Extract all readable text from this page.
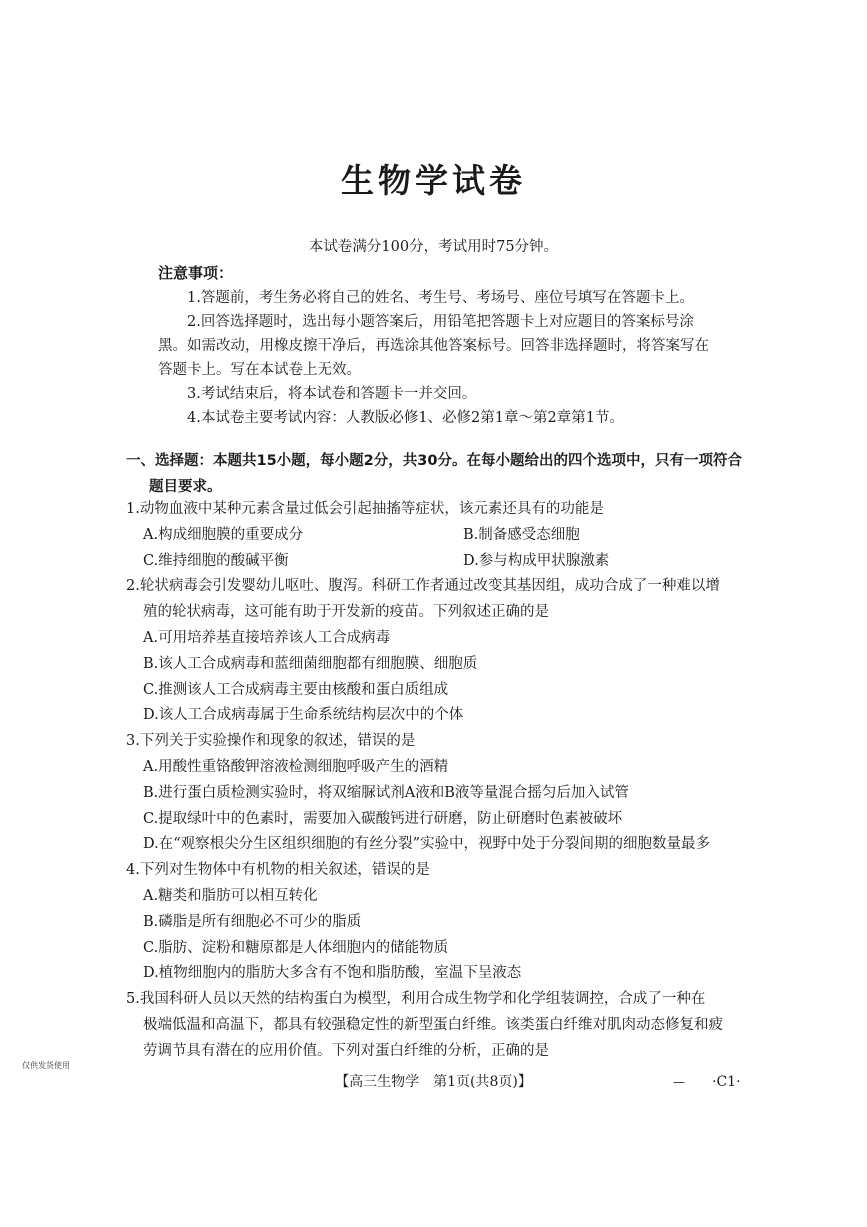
生物学试卷
本试卷满分100分，考试用时75分钟。
注意事项：

1.答题前，考生务必将自己的姓名、考生号、考场号、座位号填写在答题卡上。

2.回答选择题时，选出每小题答案后，用铅笔把答题卡上对应题目的答案标号涂

黑。如需改动，用橡皮擦干净后，再选涂其他答案标号。回答非选择题时，将答案写在

答题卡上。写在本试卷上无效。

3.考试结束后，将本试卷和答题卡一并交回。

4.本试卷主要考试内容：人教版必修1、必修2第1章～第2章第1节。

一、选择题：本题共15小题，每小题2分，共30分。在每小题给出的四个选项中，只有一项符合
题目要求。
1.动物血液中某种元素含量过低会引起抽搐等症状，该元素还具有的功能是
A.构成细胞膜的重要成分	B.制备感受态细胞
C.维持细胞的酸碱平衡	D.参与构成甲状腺激素
2.轮状病毒会引发婴幼儿呕吐、腹泻。科研工作者通过改变其基因组，成功合成了一种难以增
殖的轮状病毒，这可能有助于开发新的疫苗。下列叙述正确的是
A.可用培养基直接培养该人工合成病毒
B.该人工合成病毒和蓝细菌细胞都有细胞膜、细胞质
C.推测该人工合成病毒主要由核酸和蛋白质组成
D.该人工合成病毒属于生命系统结构层次中的个体
3.下列关于实验操作和现象的叙述，错误的是
A.用酸性重铬酸钾溶液检测细胞呼吸产生的酒精
B.进行蛋白质检测实验时，将双缩脲试剂A液和B液等量混合摇匀后加入试管
C.提取绿叶中的色素时，需要加入碳酸钙进行研磨，防止研磨时色素被破坏
D.在“观察根尖分生区组织细胞的有丝分裂”实验中，视野中处于分裂间期的细胞数量最多
4.下列对生物体中有机物的相关叙述，错误的是
A.糖类和脂肪可以相互转化
B.磷脂是所有细胞必不可少的脂质
C.脂肪、淀粉和糖原都是人体细胞内的储能物质
D.植物细胞内的脂肪大多含有不饱和脂肪酸，室温下呈液态
5.我国科研人员以天然的结构蛋白为模型，利用合成生物学和化学组装调控，合成了一种在
极端低温和高温下，都具有较强稳定性的新型蛋白纤维。该类蛋白纤维对肌肉动态修复和疲
劳调节具有潜在的应用价值。下列对蛋白纤维的分析，正确的是
仅供发货使用
【高三生物学　第1页(共8页)】	— ·C1·
